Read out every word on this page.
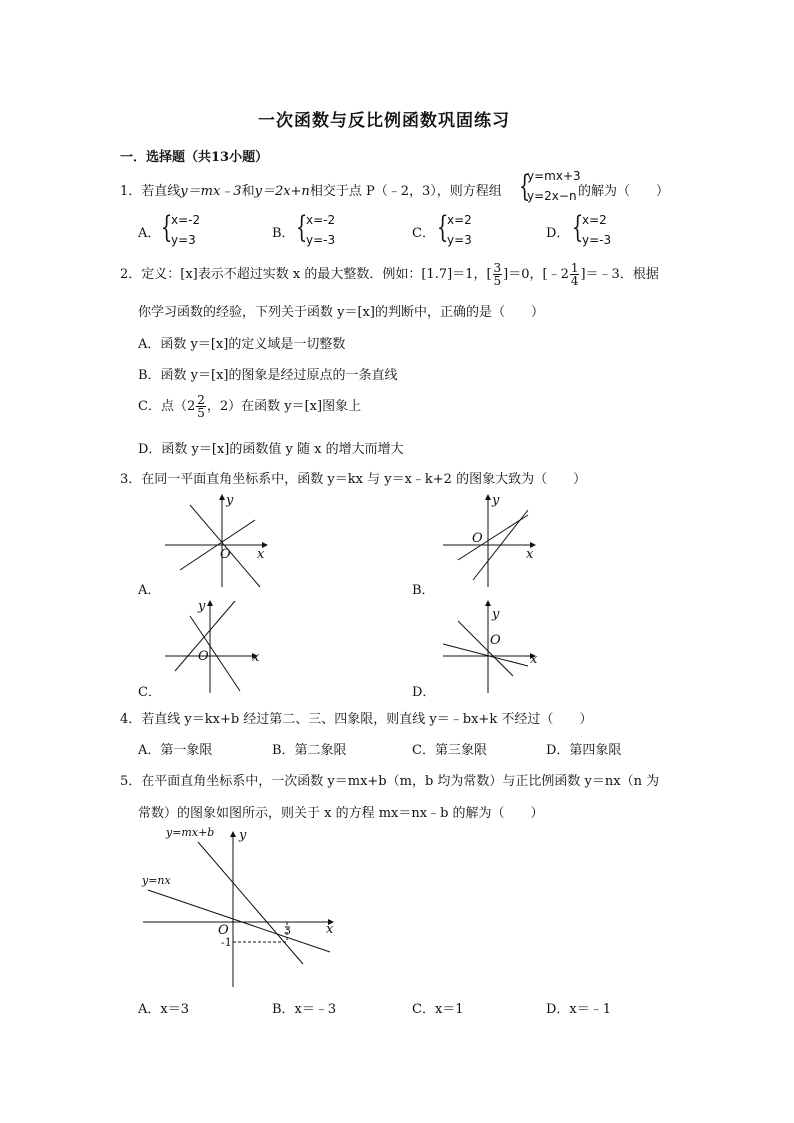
一次函数与反比例函数巩固练习
一．选择题（共13小题）
1．若直线y＝mx﹣3和y＝2x+n相交于点 P（﹣2，3），则方程组 {
y=mx+3
y=2x−n 的解为（　　）
A． {
x=-2
y=3	B． {
x=-2
y=-3	C． {
x=2
y=3	D． {
x=2
y=-3
2．定义：[x]表示不超过实数 x 的最大整数．例如：[1.7]＝1，[ $\frac{3}{5} ]=0$，[﹣2 $\frac{1}{4}$ ]＝﹣3．根据
你学习函数的经验，下列关于函数 y＝[x]的判断中，正确的是（　　）
A．函数 y＝[x]的定义域是一切整数
B．函数 y＝[x]的图象是经过原点的一条直线
C．点（$2 \frac{2}{5}$ ，2）在函数 y＝[x]图象上
D．函数 y＝[x]的函数值 y 随 x 的增大而增大
3．在同一平面直角坐标系中，函数 y＝kx 与 y＝x﹣k+2 的图象大致为（　　）
y
x
O
A．
y
x
O
B．
y
x
O
C．
y
x
O
D．
4．若直线 y＝kx+b 经过第二、三、四象限，则直线 y＝﹣bx+k 不经过（　　）
A．第一象限	B．第二象限	C．第三象限	D．第四象限
5．在平面直角坐标系中，一次函数 y＝mx+b（m，b 均为常数）与正比例函数 y＝nx（n 为
常数）的图象如图所示，则关于 x 的方程 mx＝nx﹣b 的解为（　　）
y=mx+b
y=nx
y
x
O	3
-1
A．x＝3	B．x＝﹣3	C．x＝1	D．x＝﹣1
